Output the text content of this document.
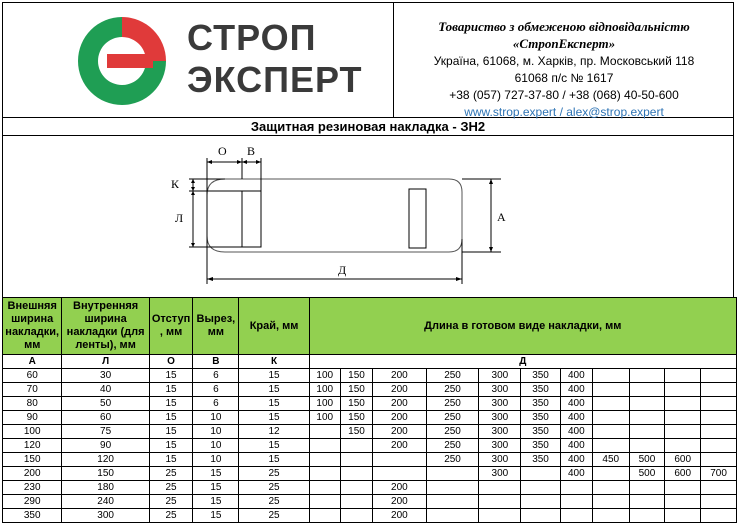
СТРОП
ЭКСПЕРТ
Товариство з обмеженою відповідальністю
«СтропЕксперт»
Україна, 61068, м. Харків, пр. Московський 118
61068 п/с № 1617
+38 (057) 727-37-80 / +38 (068) 40-50-600
www.strop.expert / alex@strop.expert
Защитная резиновая накладка - ЗН2
О В
К
Л	А
Д
Внешняя ширина накладки, мм	Внутренняя ширина накладки (для ленты), мм	Отступ , мм	Вырез, мм	Край, мм	Длина в готовом виде накладки, мм										
А	Л	О	В	К	Д										
60	30	15	6	15	100	150	200	250	300	350	400				
70	40	15	6	15	100	150	200	250	300	350	400				
80	50	15	6	15	100	150	200	250	300	350	400				
90	60	15	10	15	100	150	200	250	300	350	400				
100	75	15	10	12		150	200	250	300	350	400				
120	90	15	10	15			200	250	300	350	400				
150	120	15	10	15				250	300	350	400	450	500	600	
200	150	25	15	25					300		400		500	600	700
230	180	25	15	25			200								
290	240	25	15	25			200								
350	300	25	15	25			200								
